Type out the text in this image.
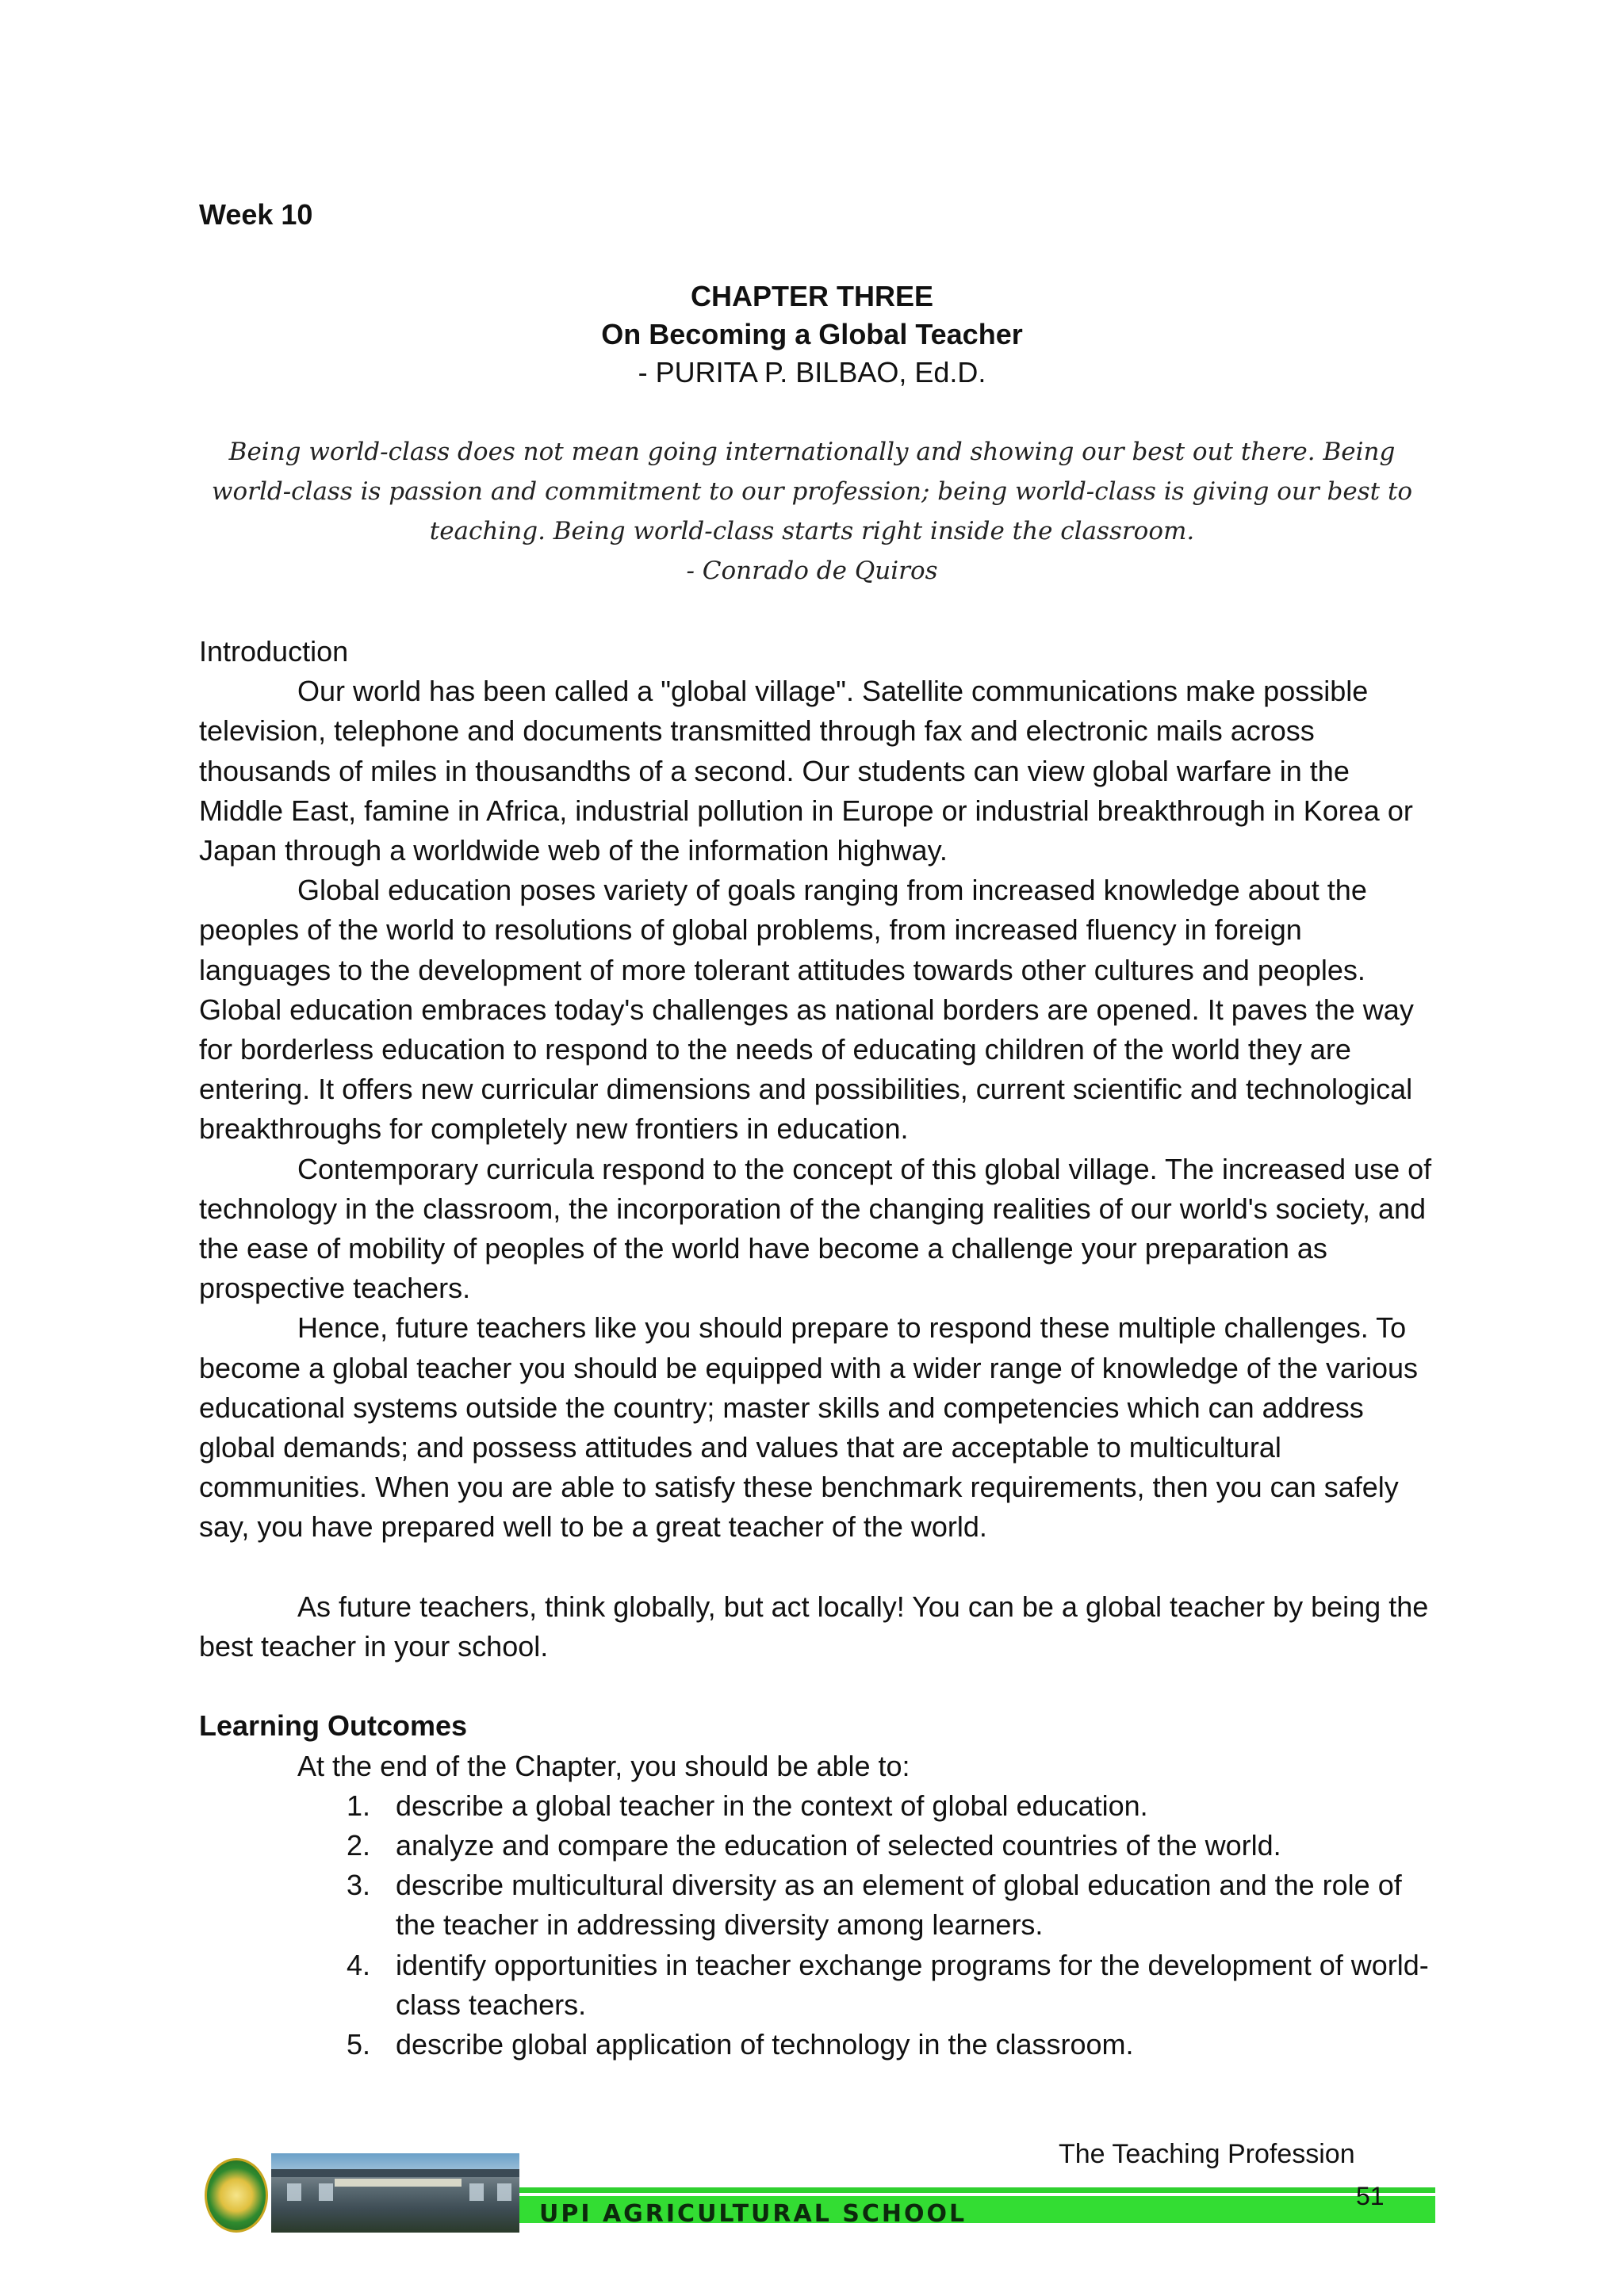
Week 10
CHAPTER THREE
On Becoming a Global Teacher
- PURITA P. BILBAO, Ed.D.
Being world-class does not mean going internationally and showing our best out there. Being world-class is passion and commitment to our profession; being world-class is giving our best to teaching. Being world-class starts right inside the classroom.
- Conrado de Quiros

Introduction

Our world has been called a "global village". Satellite communications make possible television, telephone and documents transmitted through fax and electronic mails across thousands of miles in thousandths of a second. Our students can view global warfare in the Middle East, famine in Africa, industrial pollution in Europe or industrial breakthrough in Korea or Japan through a worldwide web of the information highway.

Global education poses variety of goals ranging from increased knowledge about the peoples of the world to resolutions of global problems, from increased fluency in foreign languages to the development of more tolerant attitudes towards other cultures and peoples. Global education embraces today's challenges as national borders are opened. It paves the way for borderless education to respond to the needs of educating children of the world they are entering. It offers new curricular dimensions and possibilities, current scientific and technological breakthroughs for completely new frontiers in education.

Contemporary curricula respond to the concept of this global village. The increased use of technology in the classroom, the incorporation of the changing realities of our world's society, and the ease of mobility of peoples of the world have become a challenge your preparation as prospective teachers.

Hence, future teachers like you should prepare to respond these multiple challenges. To become a global teacher you should be equipped with a wider range of knowledge of the various educational systems outside the country; master skills and competencies which can address global demands; and possess attitudes and values that are acceptable to multicultural communities. When you are able to satisfy these benchmark requirements, then you can safely say, you have prepared well to be a great teacher of the world.

As future teachers, think globally, but act locally! You can be a global teacher by being the best teacher in your school.

Learning Outcomes

At the end of the Chapter, you should be able to:

1. describe a global teacher in the context of global education.
2. analyze and compare the education of selected countries of the world.
3. describe multicultural diversity as an element of global education and the role of the teacher in addressing diversity among learners.
4. identify opportunities in teacher exchange programs for the development of world-class teachers.
5. describe global application of technology in the classroom.
The Teaching Profession
UPI AGRICULTURAL SCHOOL
51
